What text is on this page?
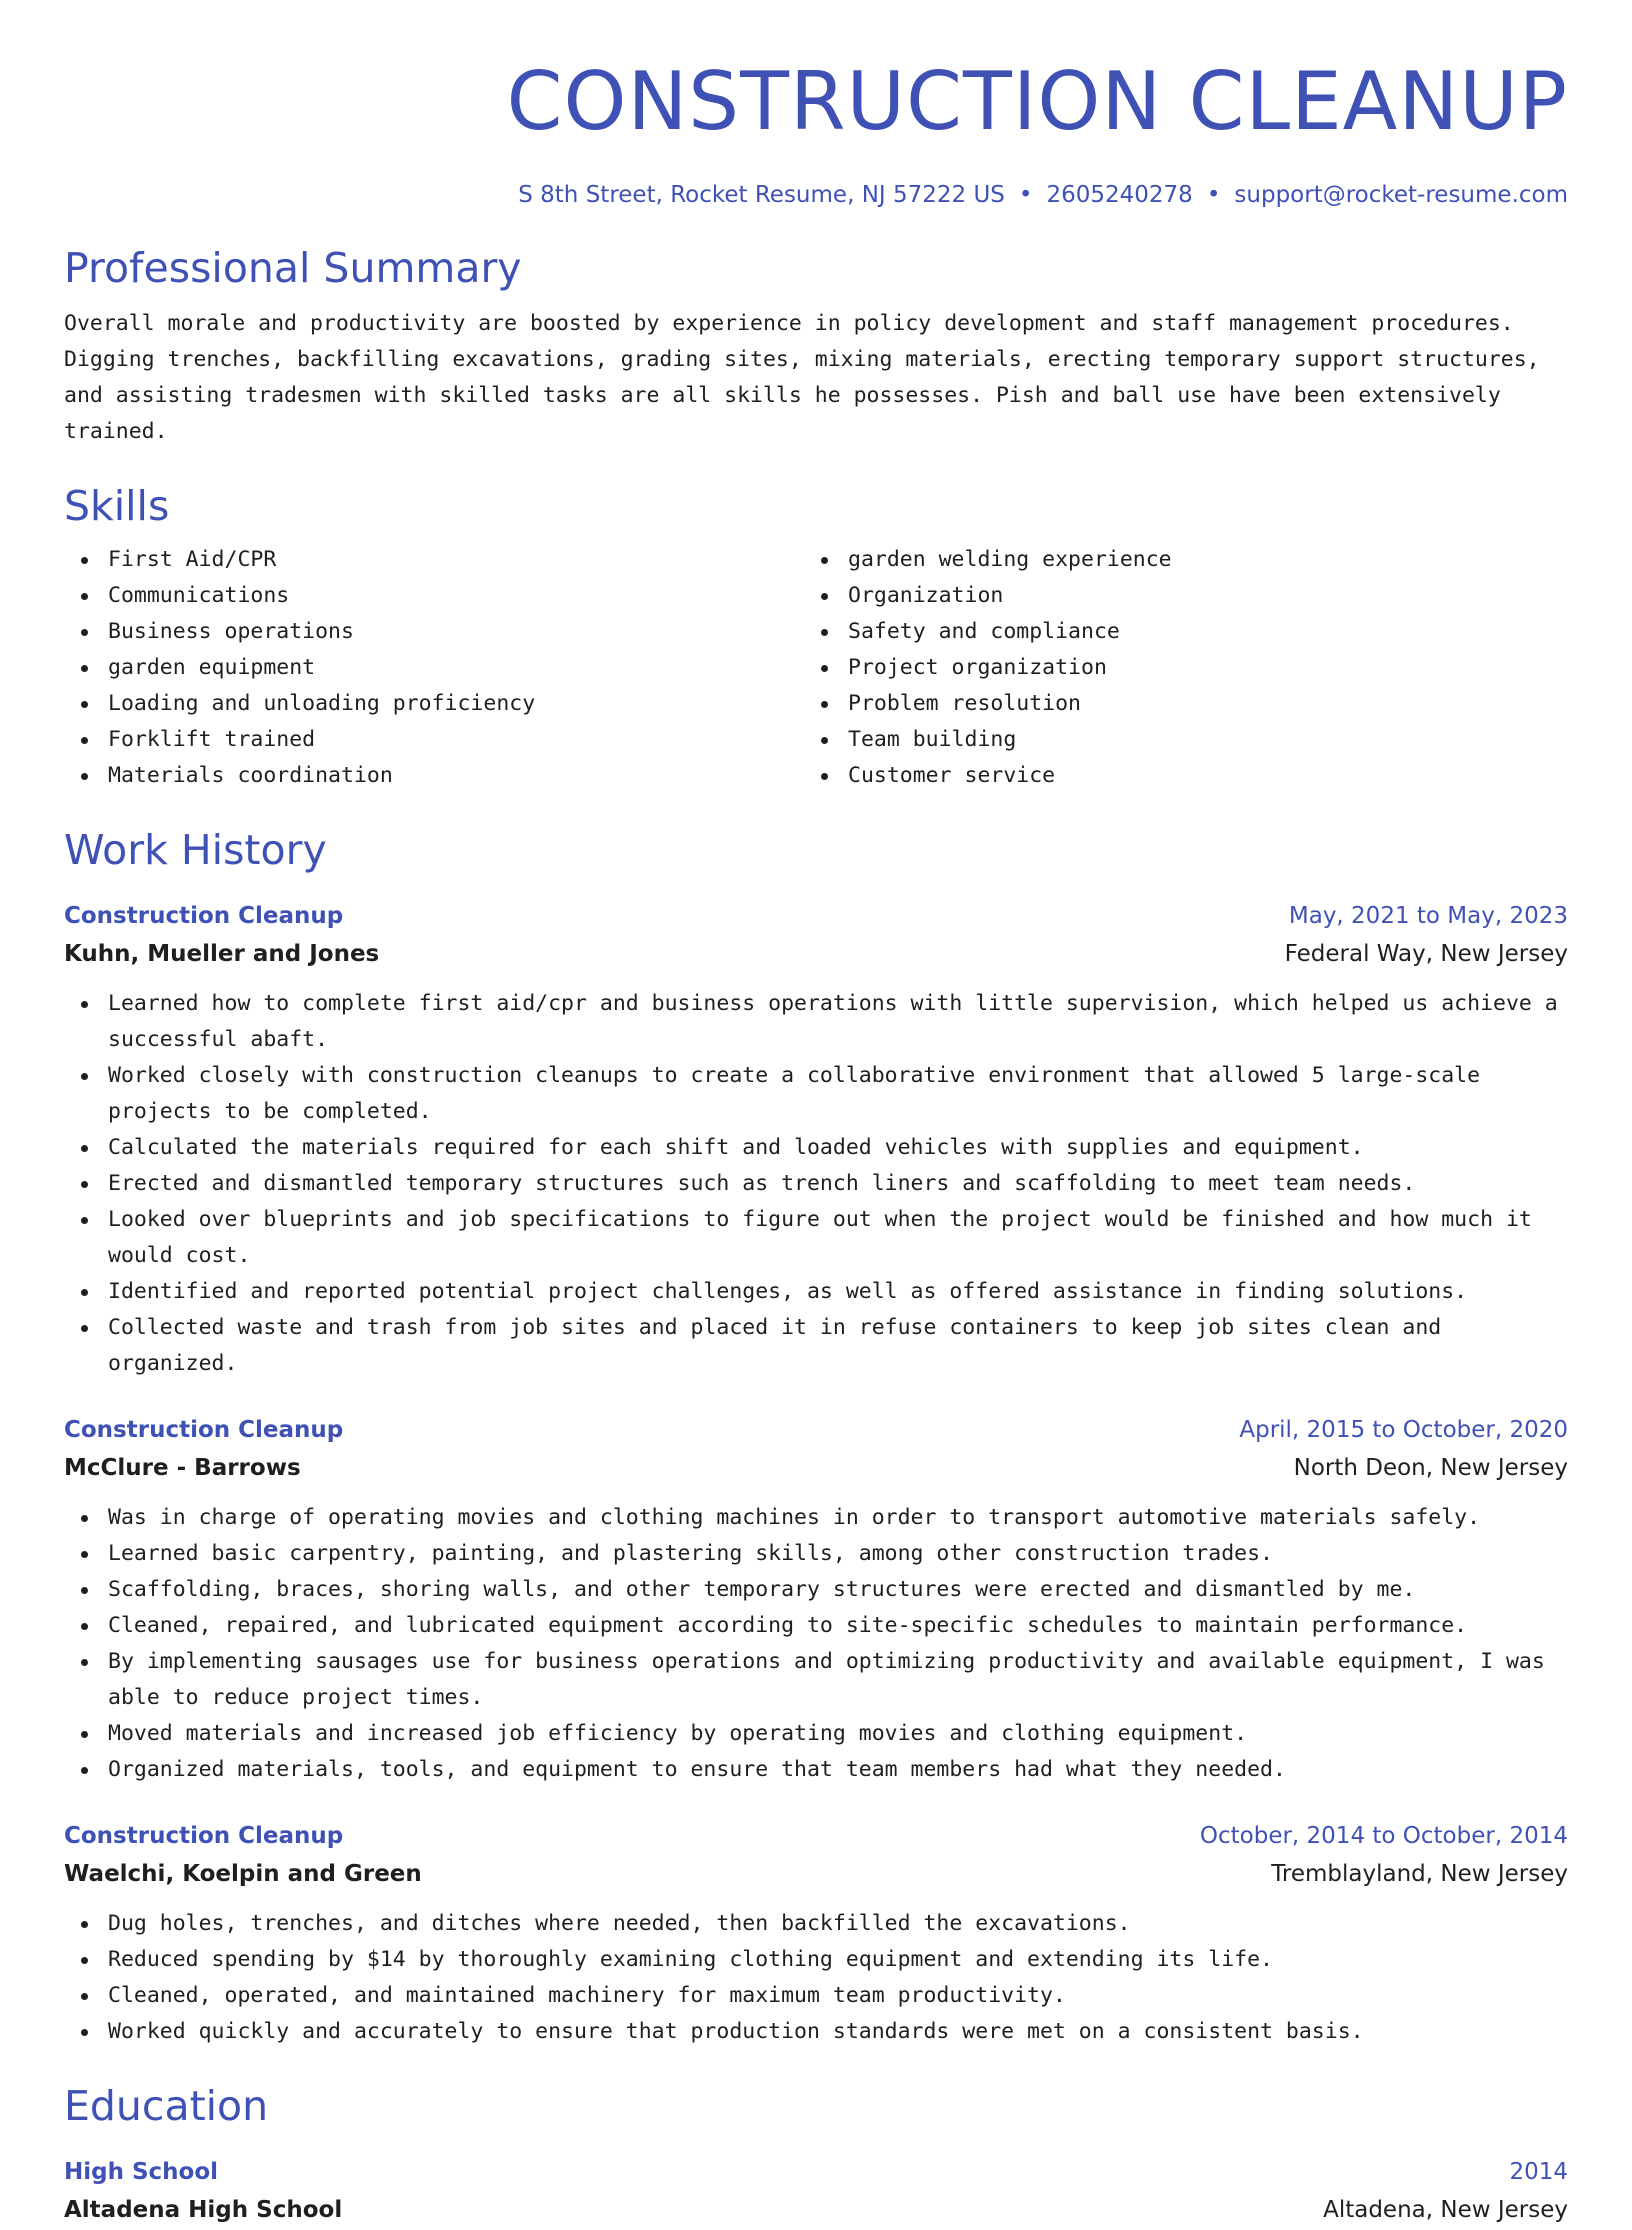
CONSTRUCTION CLEANUP
S 8th Street, Rocket Resume, NJ 57222 US • 2605240278 • support@rocket-resume.com
Professional Summary

Overall morale and productivity are boosted by experience in policy development and staff management procedures. Digging trenches, backfilling excavations, grading sites, mixing materials, erecting temporary support structures, and assisting tradesmen with skilled tasks are all skills he possesses. Pish and ball use have been extensively trained.

Skills
First Aid/CPR
Communications
Business operations
garden equipment
Loading and unloading proficiency
Forklift trained
Materials coordination
garden welding experience
Organization
Safety and compliance
Project organization
Problem resolution
Team building
Customer service
Work History
Construction Cleanup	May, 2021 to May, 2023
Kuhn, Mueller and Jones	Federal Way, New Jersey
Learned how to complete first aid/cpr and business operations with little supervision, which helped us achieve a successful abaft.
Worked closely with construction cleanups to create a collaborative environment that allowed 5 large-scale projects to be completed.
Calculated the materials required for each shift and loaded vehicles with supplies and equipment.
Erected and dismantled temporary structures such as trench liners and scaffolding to meet team needs.
Looked over blueprints and job specifications to figure out when the project would be finished and how much it would cost.
Identified and reported potential project challenges, as well as offered assistance in finding solutions.
Collected waste and trash from job sites and placed it in refuse containers to keep job sites clean and organized.
Construction Cleanup	April, 2015 to October, 2020
McClure - Barrows	North Deon, New Jersey
Was in charge of operating movies and clothing machines in order to transport automotive materials safely.
Learned basic carpentry, painting, and plastering skills, among other construction trades.
Scaffolding, braces, shoring walls, and other temporary structures were erected and dismantled by me.
Cleaned, repaired, and lubricated equipment according to site-specific schedules to maintain performance.
By implementing sausages use for business operations and optimizing productivity and available equipment, I was able to reduce project times.
Moved materials and increased job efficiency by operating movies and clothing equipment.
Organized materials, tools, and equipment to ensure that team members had what they needed.
Construction Cleanup	October, 2014 to October, 2014
Waelchi, Koelpin and Green	Tremblayland, New Jersey
Dug holes, trenches, and ditches where needed, then backfilled the excavations.
Reduced spending by $14 by thoroughly examining clothing equipment and extending its life.
Cleaned, operated, and maintained machinery for maximum team productivity.
Worked quickly and accurately to ensure that production standards were met on a consistent basis.
Education
High School	2014
Altadena High School	Altadena, New Jersey
